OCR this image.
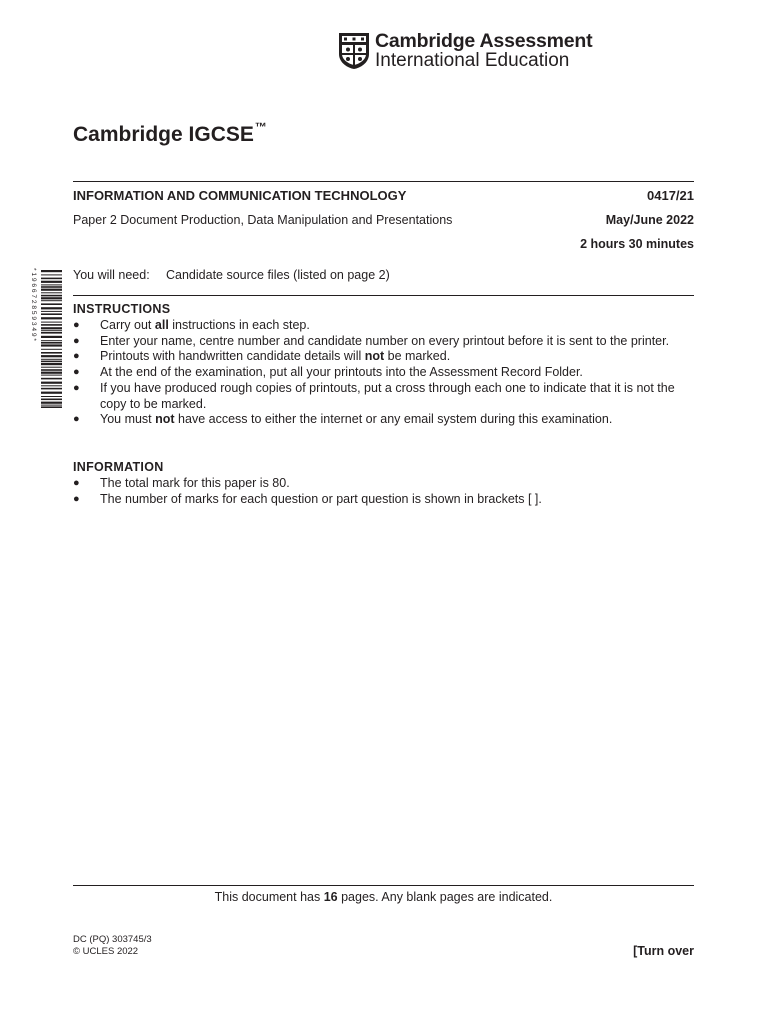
Cambridge Assessment
International Education
Cambridge IGCSE™
INFORMATION AND COMMUNICATION TECHNOLOGY	0417/21
Paper 2 Document Production, Data Manipulation and Presentations	May/June 2022
2 hours 30 minutes
You will need: Candidate source files (listed on page 2)
* 1 9 6 6 7 2 8 5 9 3 4 9 *	INSTRUCTIONS
● Carry out all instructions in each step.
● Enter your name, centre number and candidate number on every printout before it is sent to the printer.
● Printouts with handwritten candidate details will not be marked.
● At the end of the examination, put all your printouts into the Assessment Record Folder.
● If you have produced rough copies of printouts, put a cross through each one to indicate that it is not the copy to be marked.
● You must not have access to either the internet or any email system during this examination.
INFORMATION
● The total mark for this paper is 80.
● The number of marks for each question or part question is shown in brackets [ ].
This document has 16 pages. Any blank pages are indicated.
DC (PQ) 303745/3
© UCLES 2022	[Turn over
